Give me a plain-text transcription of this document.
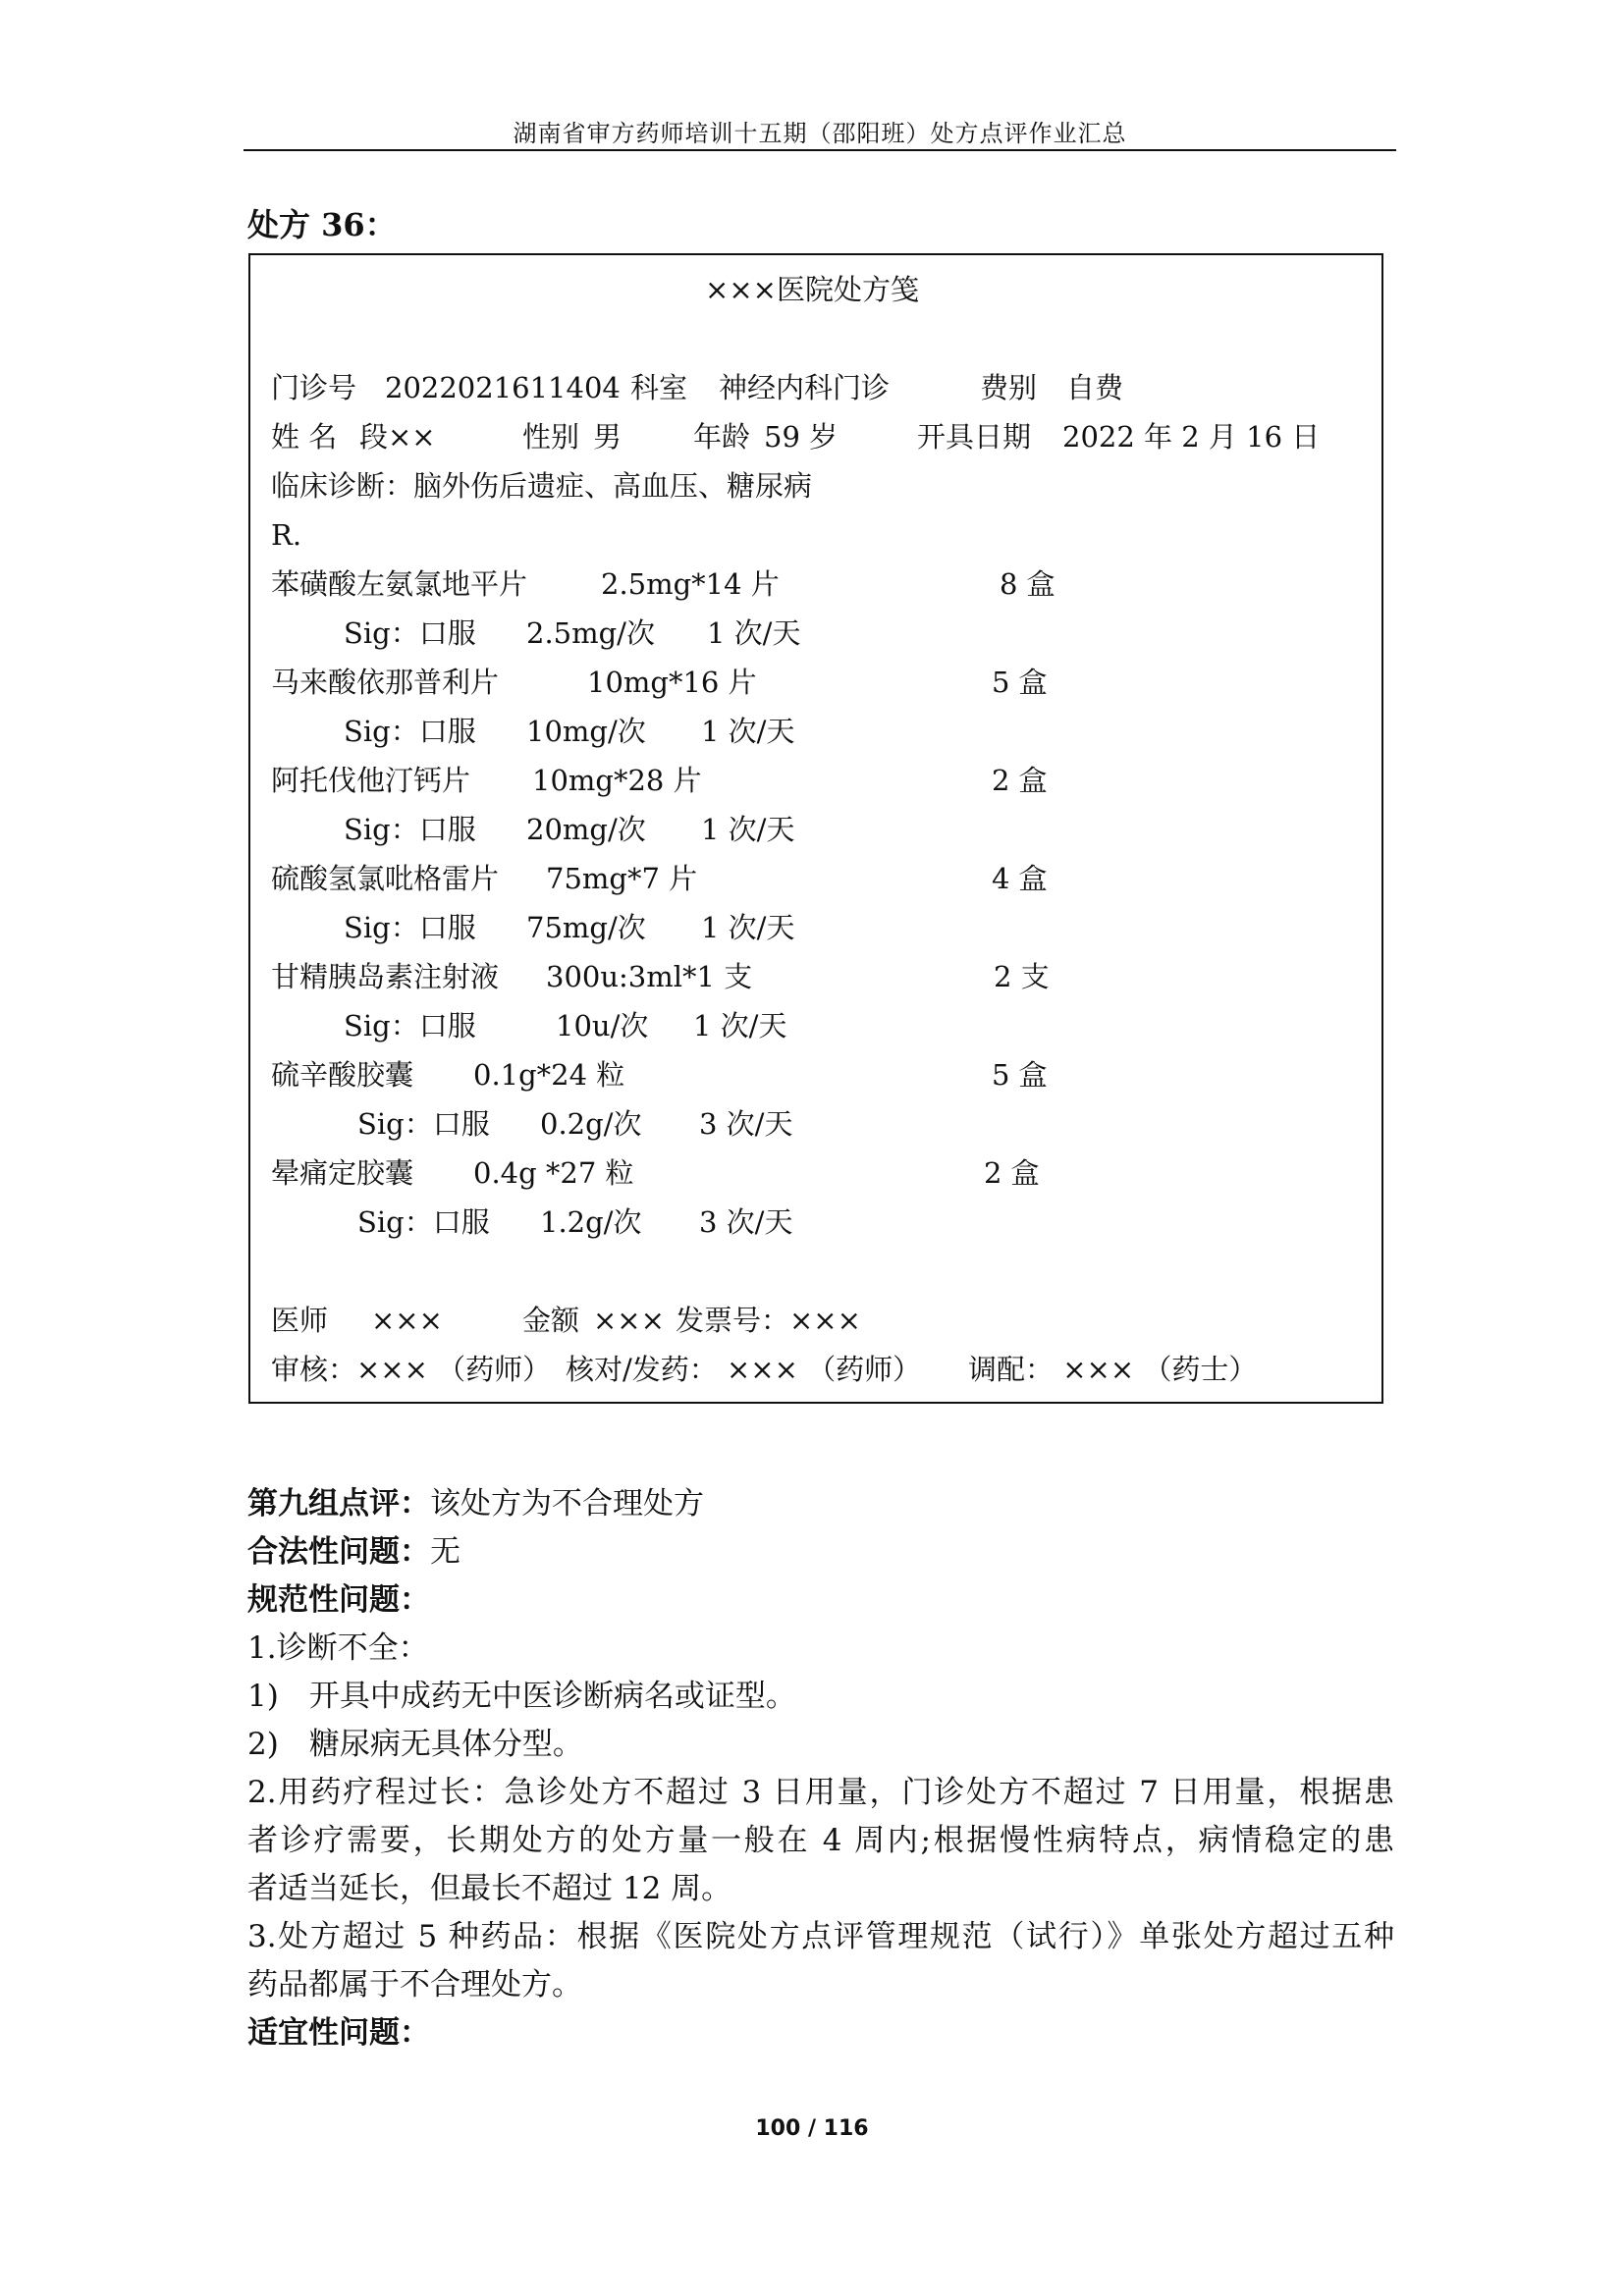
湖南省审方药师培训十五期（邵阳班）处方点评作业汇总
处方 36：
×××医院处方笺
门诊号 2022021611404 科室 神经内科门诊	费别 自费
姓 名 段××	性别 男	年龄 59 岁	开具日期 2022 年 2 月 16 日
临床诊断：脑外伤后遗症、高血压、糖尿病
R.
苯磺酸左氨氯地平片	2.5mg*14 片	8 盒
Sig：口服 2.5mg/次 1 次/天
马来酸依那普利片	10mg*16 片	5 盒
Sig：口服 10mg/次 1 次/天
阿托伐他汀钙片 10mg*28 片	2 盒
Sig：口服 20mg/次 1 次/天
硫酸氢氯吡格雷片 75mg*7 片	4 盒
Sig：口服 75mg/次 1 次/天
甘精胰岛素注射液 300u:3ml*1 支	2 支
Sig：口服	10u/次 1 次/天
硫辛酸胶囊 0.1g*24 粒	5 盒
Sig：口服 0.2g/次 3 次/天
晕痛定胶囊 0.4g *27 粒	2 盒
Sig：口服 1.2g/次 3 次/天
医师 ×××	金额 ××× 发票号：×××
审核：××× （药师） 核对/发药： ××× （药师） 调配： ××× （药士）
第九组点评：该处方为不合理处方
合法性问题：无
规范性问题：
1.诊断不全：
1)　开具中成药无中医诊断病名或证型。
2)　糖尿病无具体分型。
2.用药疗程过长：急诊处方不超过 3 日用量，门诊处方不超过 7 日用量，根据患
者诊疗需要，长期处方的处方量一般在 4 周内;根据慢性病特点，病情稳定的患
者适当延长，但最长不超过 12 周。
3.处方超过 5 种药品：根据《医院处方点评管理规范（试行）》单张处方超过五种
药品都属于不合理处方。
适宜性问题：
100 / 116
